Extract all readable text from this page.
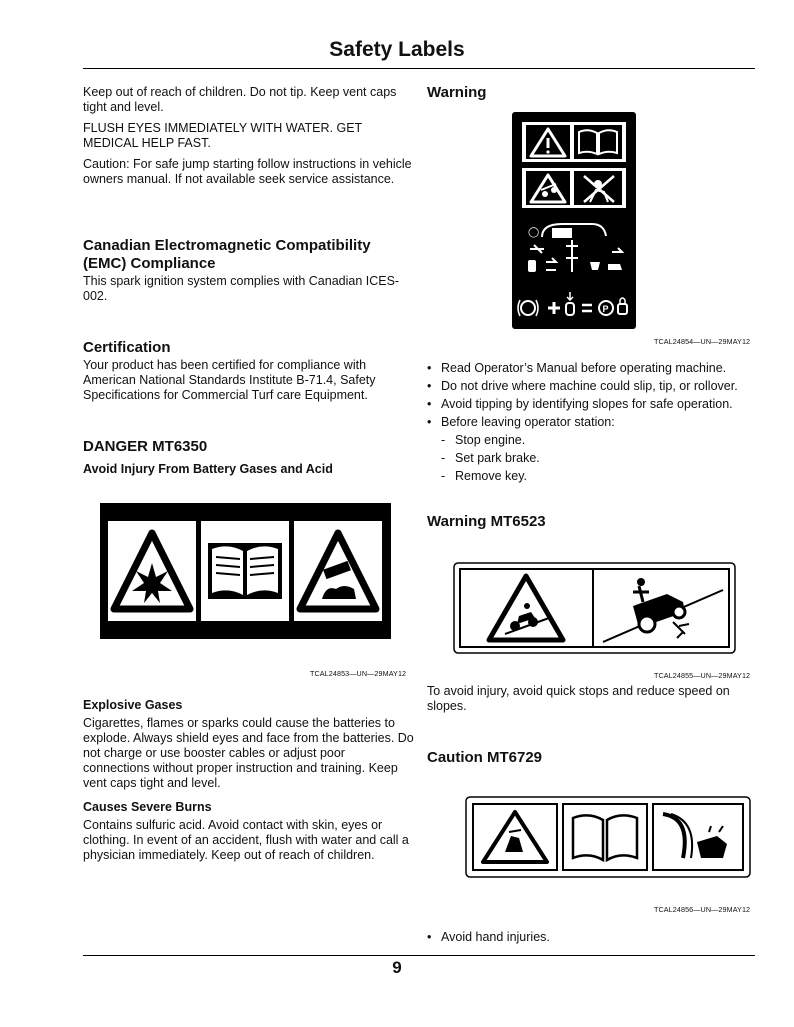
Safety Labels

Keep out of reach of children. Do not tip. Keep vent caps tight and level.

FLUSH EYES IMMEDIATELY WITH WATER. GET MEDICAL HELP FAST.

Caution: For safe jump starting follow instructions in vehicle owners manual. If not available seek service assistance.

Canadian Electromagnetic Compatibility (EMC) Compliance

This spark ignition system complies with Canadian ICES-002.

Certification

Your product has been certified for compliance with American National Standards Institute B-71.4, Safety Specifications for Commercial Turf care Equipment.

DANGER MT6350
Avoid Injury From Battery Gases and Acid
TCAL24853—UN—29MAY12
Explosive Gases

Cigarettes, flames or sparks could cause the batteries to explode. Always shield eyes and face from the batteries. Do not charge or use booster cables or adjust poor connections without proper instruction and training. Keep vent caps tight and level.

Causes Severe Burns

Contains sulfuric acid. Avoid contact with skin, eyes or clothing. In event of an accident, flush with water and call a physician immediately. Keep out of reach of children.

Warning
◯
P
TCAL24854—UN—29MAY12
• Read Operator’s Manual before operating machine.
• Do not drive where machine could slip, tip, or rollover.
• Avoid tipping by identifying slopes for safe operation.
• Before leaving operator station:
- Stop engine.
- Set park brake.
- Remove key.
Warning MT6523
TCAL24855—UN—29MAY12

To avoid injury, avoid quick stops and reduce speed on slopes.

Caution MT6729
TCAL24856—UN—29MAY12
• Avoid hand injuries.
9
